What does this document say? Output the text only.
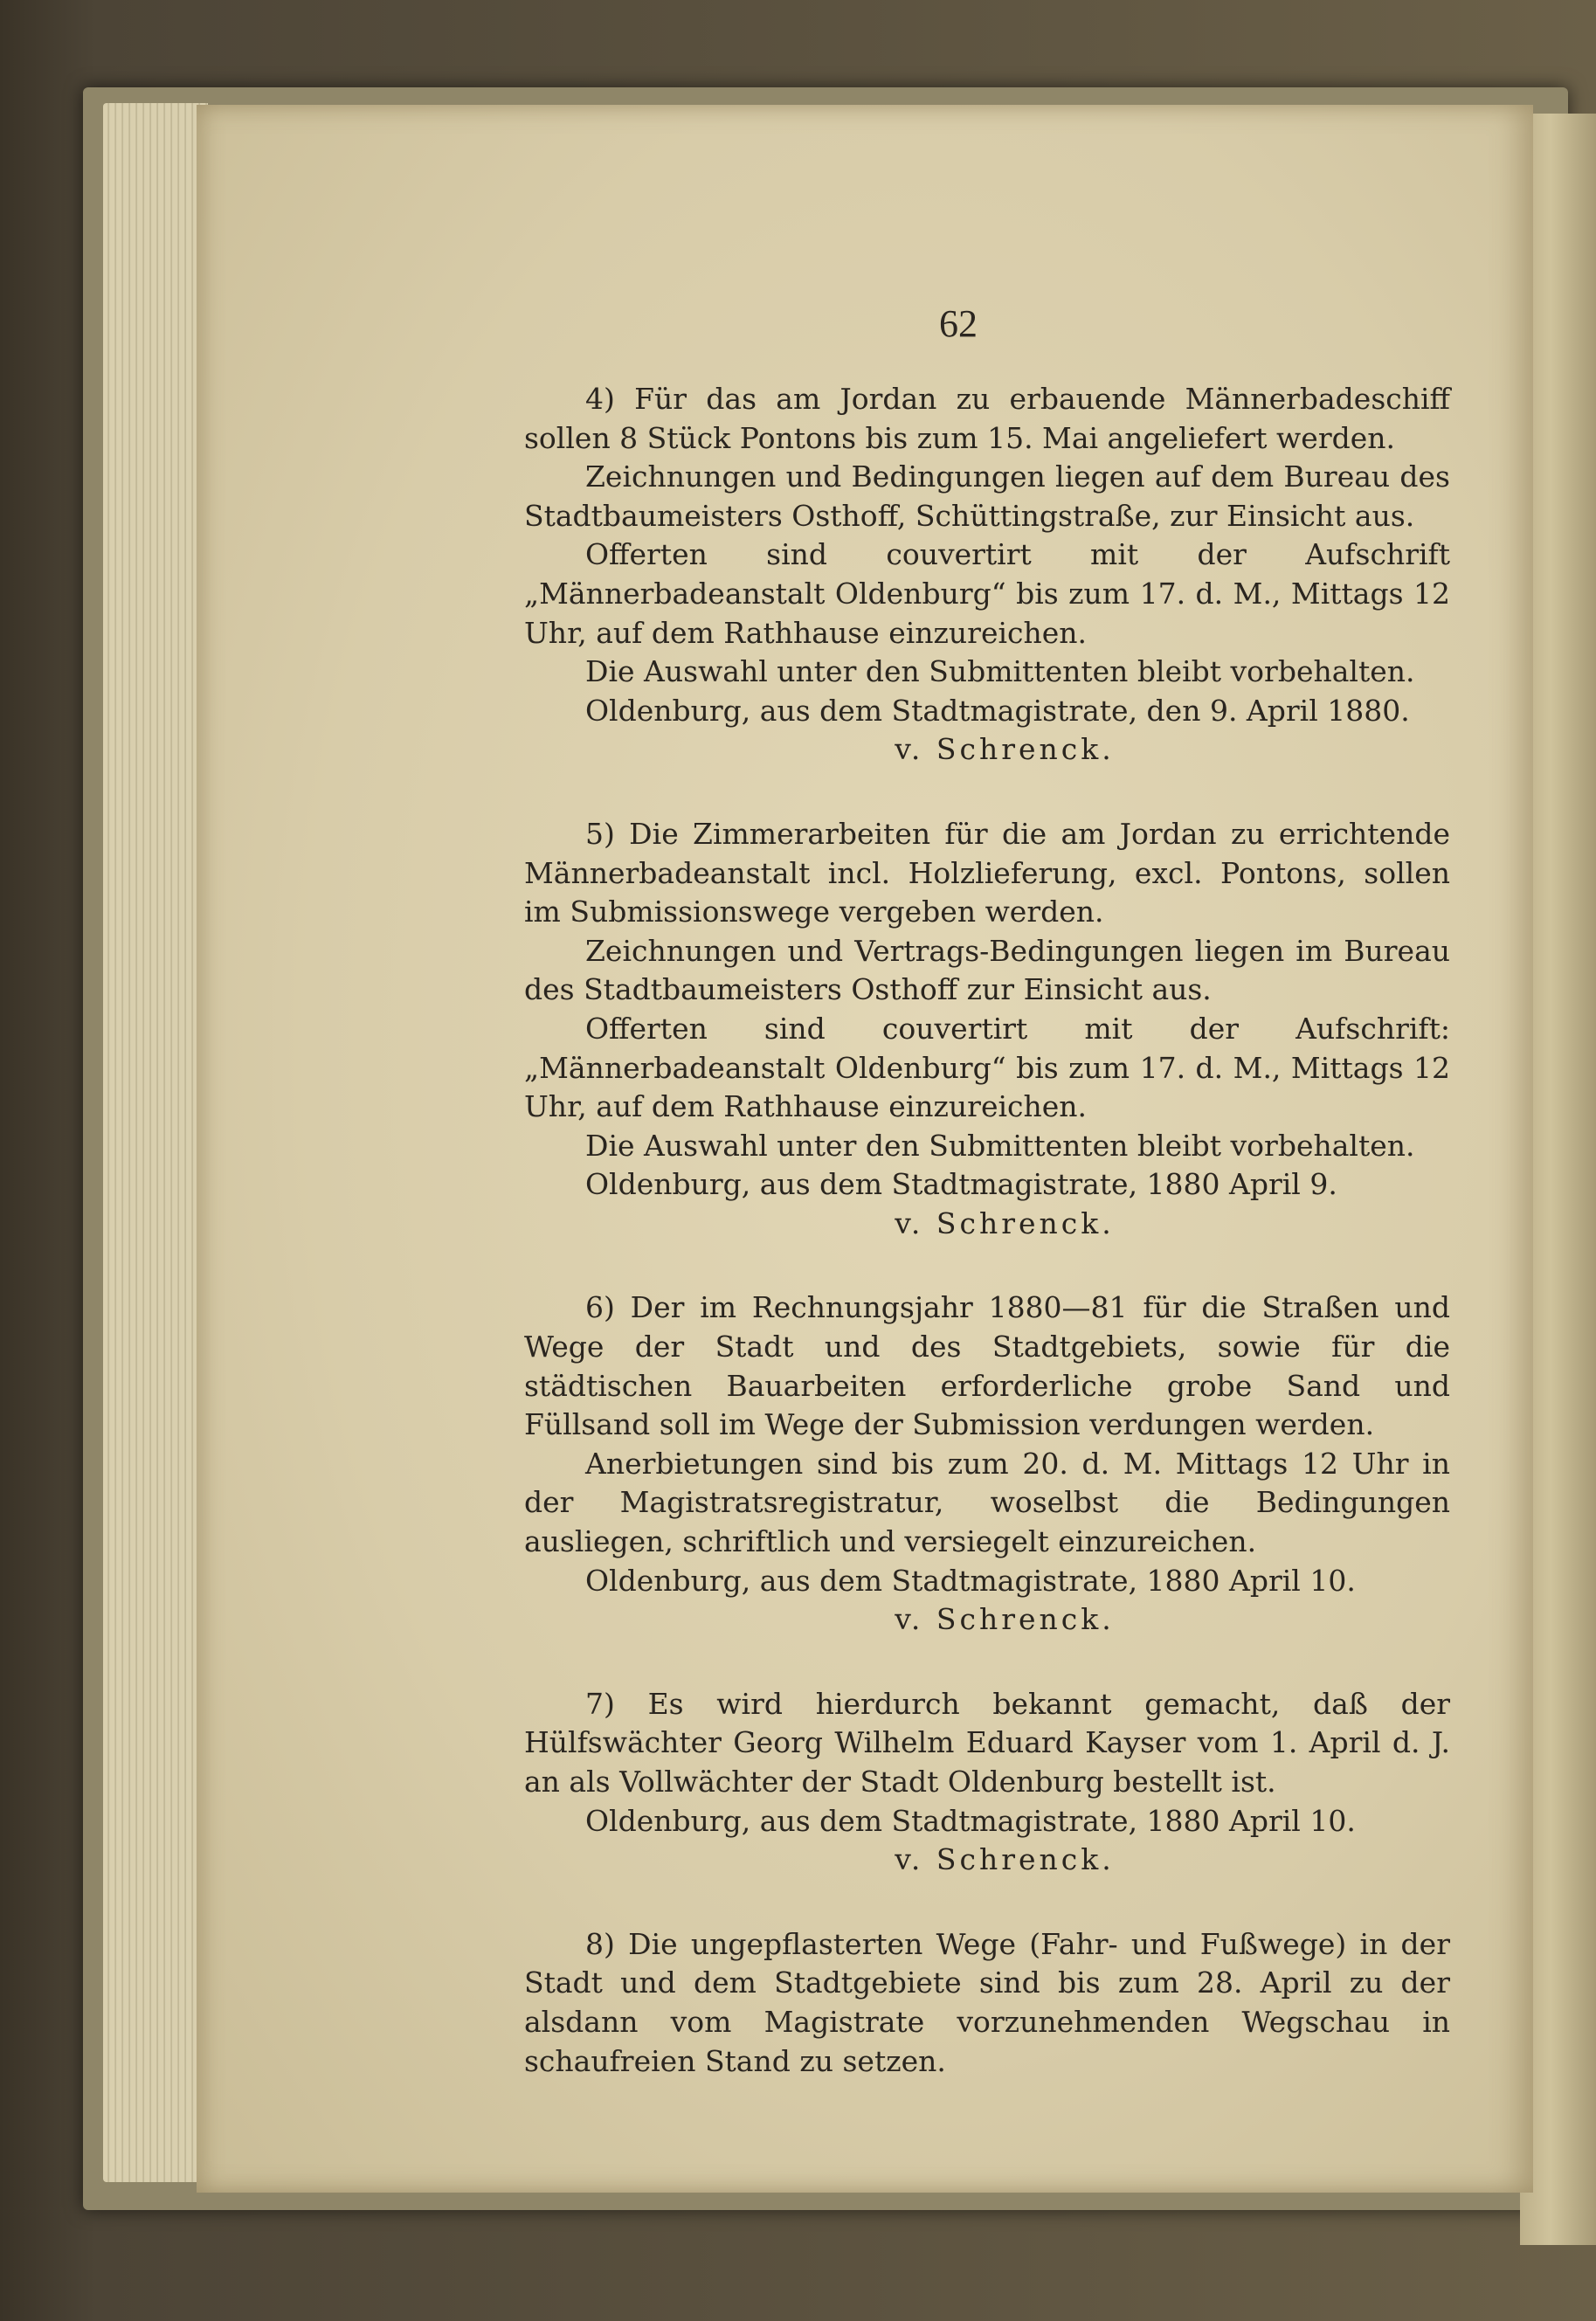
62

4) Für das am Jordan zu erbauende Männerbadeschiff sollen 8 Stück Pontons bis zum 15. Mai angeliefert werden.

Zeichnungen und Bedingungen liegen auf dem Bureau des Stadtbaumeisters Osthoff, Schüttingstraße, zur Einsicht aus.

Offerten sind couvertirt mit der Aufschrift „Männerbadeanstalt Oldenburg“ bis zum 17. d. M., Mittags 12 Uhr, auf dem Rathhause einzureichen.

Die Auswahl unter den Submittenten bleibt vorbehalten.

Oldenburg, aus dem Stadtmagistrate, den 9. April 1880.

v. Schrenck.

5) Die Zimmerarbeiten für die am Jordan zu errichtende Männerbadeanstalt incl. Holzlieferung, excl. Pontons, sollen im Submissionswege vergeben werden.

Zeichnungen und Vertrags-Bedingungen liegen im Bureau des Stadtbaumeisters Osthoff zur Einsicht aus.

Offerten sind couvertirt mit der Aufschrift: „Männerbadeanstalt Oldenburg“ bis zum 17. d. M., Mittags 12 Uhr, auf dem Rathhause einzureichen.

Die Auswahl unter den Submittenten bleibt vorbehalten.

Oldenburg, aus dem Stadtmagistrate, 1880 April 9.

v. Schrenck.

6) Der im Rechnungsjahr 1880—81 für die Straßen und Wege der Stadt und des Stadtgebiets, sowie für die städtischen Bauarbeiten erforderliche grobe Sand und Füllsand soll im Wege der Submission verdungen werden.

Anerbietungen sind bis zum 20. d. M. Mittags 12 Uhr in der Magistratsregistratur, woselbst die Bedingungen ausliegen, schriftlich und versiegelt einzureichen.

Oldenburg, aus dem Stadtmagistrate, 1880 April 10.

v. Schrenck.

7) Es wird hierdurch bekannt gemacht, daß der Hülfswächter Georg Wilhelm Eduard Kayser vom 1. April d. J. an als Vollwächter der Stadt Oldenburg bestellt ist.

Oldenburg, aus dem Stadtmagistrate, 1880 April 10.

v. Schrenck.

8) Die ungepflasterten Wege (Fahr- und Fußwege) in der Stadt und dem Stadtgebiete sind bis zum 28. April zu der alsdann vom Magistrate vorzunehmenden Wegschau in schaufreien Stand zu setzen.
